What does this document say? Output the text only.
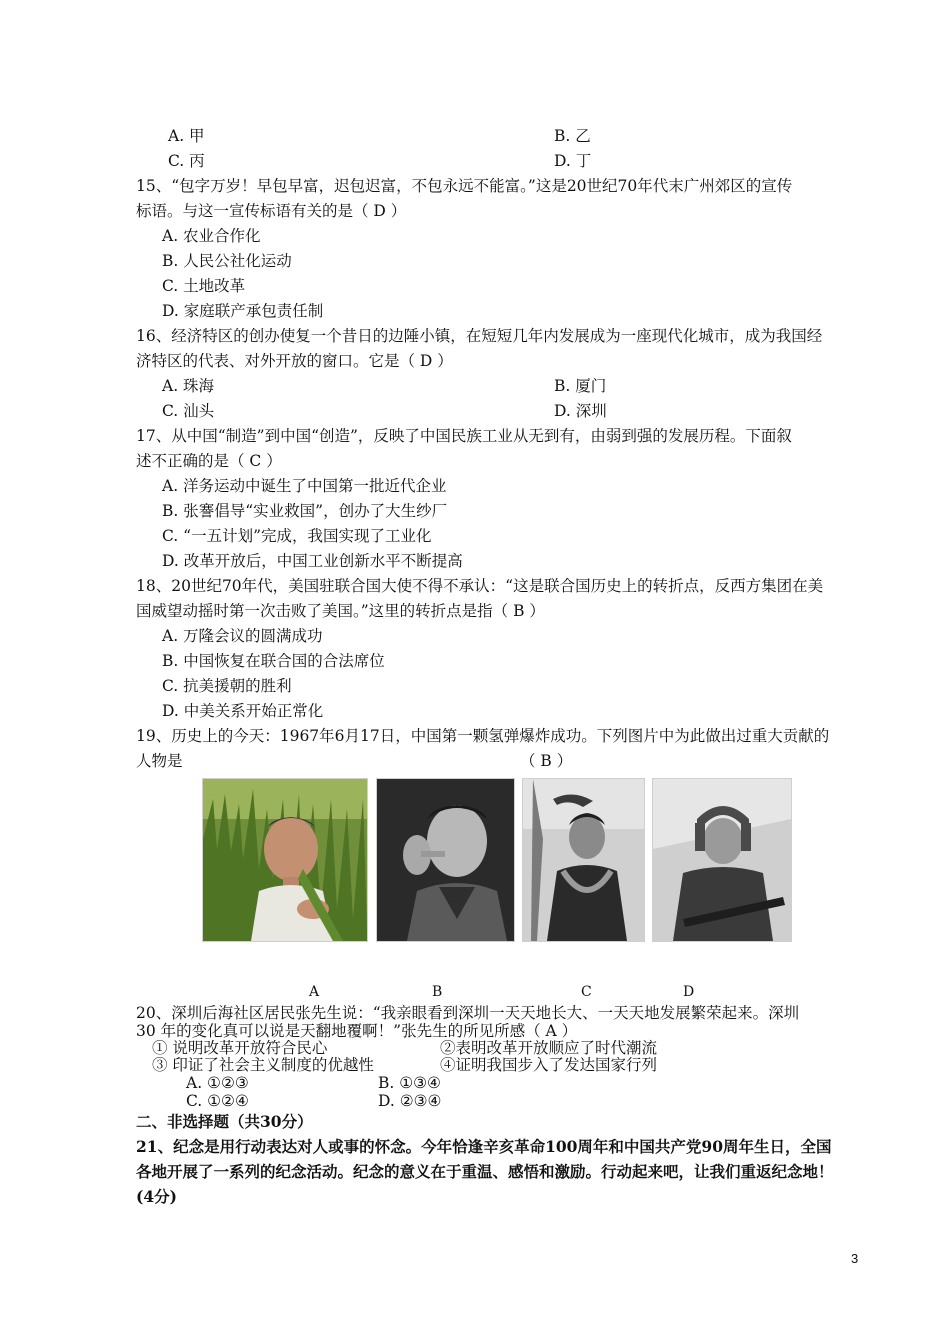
A. 甲	B. 乙
C. 丙	D. 丁
15、“包字万岁！早包早富，迟包迟富，不包永远不能富。”这是20世纪70年代末广州郊区的宣传
标语。与这一宣传标语有关的是（ D ）
A. 农业合作化
B. 人民公社化运动
C. 土地改革
D. 家庭联产承包责任制
16、经济特区的创办使复一个昔日的边陲小镇，在短短几年内发展成为一座现代化城市，成为我国经
济特区的代表、对外开放的窗口。它是（ D ）
A. 珠海	B. 厦门
C. 汕头	D. 深圳
17、从中国“制造”到中国“创造”，反映了中国民族工业从无到有，由弱到强的发展历程。下面叙
述不正确的是（ C ）
A. 洋务运动中诞生了中国第一批近代企业
B. 张謇倡导“实业救国”，创办了大生纱厂
C. “一五计划”完成，我国实现了工业化
D. 改革开放后，中国工业创新水平不断提高
18、20世纪70年代，美国驻联合国大使不得不承认：“这是联合国历史上的转折点，反西方集团在美
国威望动摇时第一次击败了美国。”这里的转折点是指（ B ）
A. 万隆会议的圆满成功
B. 中国恢复在联合国的合法席位
C. 抗美援朝的胜利
D. 中美关系开始正常化
19、历史上的今天：1967年6月17日，中国第一颗氢弹爆炸成功。下列图片中为此做出过重大贡献的
人物是	（ B ）
A	B	C	D
20、深圳后海社区居民张先生说：“我亲眼看到深圳一天天地长大、一天天地发展繁荣起来。深圳
30 年的变化真可以说是天翻地覆啊！”张先生的所见所感（ A ）
① 说明改革开放符合民心	②表明改革开放顺应了时代潮流
③ 印证了社会主义制度的优越性	④证明我国步入了发达国家行列
A. ①②③	B. ①③④
C. ①②④	D. ②③④
二、非选择题（共30分）
21、纪念是用行动表达对人或事的怀念。今年恰逢辛亥革命100周年和中国共产党90周年生日，全国
各地开展了一系列的纪念活动。纪念的意义在于重温、感悟和激励。行动起来吧，让我们重返纪念地！
(4分)
3
